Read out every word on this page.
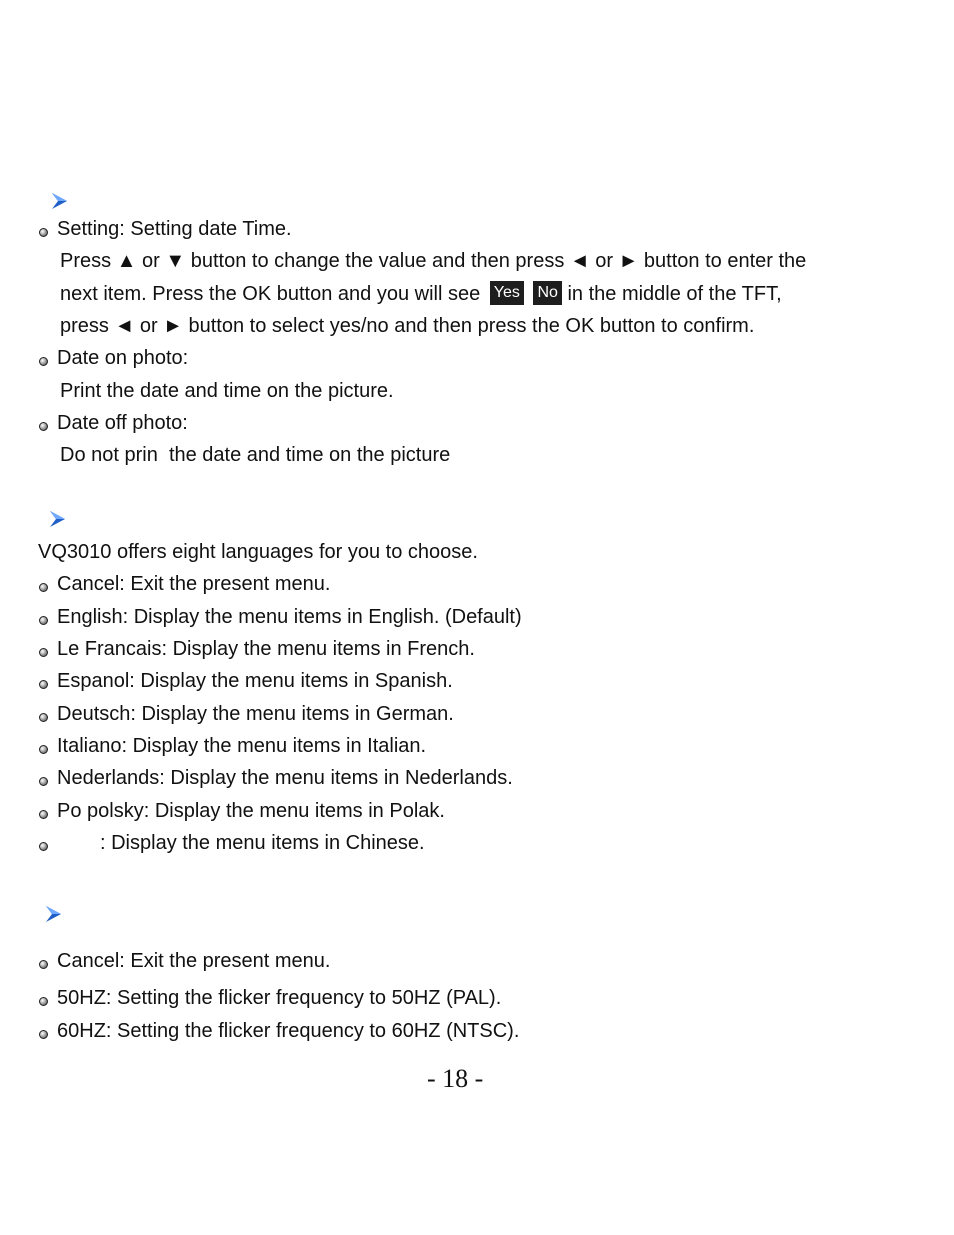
Setting: Setting date Time.
Press ▲ or ▼ button to change the value and then press ◄ or ► button to enter the
next item. Press the OK button and you will see Yes No in the middle of the TFT,
press ◄ or ► button to select yes/no and then press the OK button to confirm.
Date on photo:
Print the date and time on the picture.
Date off photo:
Do not prin  the date and time on the picture
VQ3010 offers eight languages for you to choose.
Cancel: Exit the present menu.
English: Display the menu items in English. (Default)
Le Francais: Display the menu items in French.
Espanol: Display the menu items in Spanish.
Deutsch: Display the menu items in German.
Italiano: Display the menu items in Italian.
Nederlands: Display the menu items in Nederlands.
Po polsky: Display the menu items in Polak.
: Display the menu items in Chinese.
Cancel: Exit the present menu.
50HZ: Setting the flicker frequency to 50HZ (PAL).
60HZ: Setting the flicker frequency to 60HZ (NTSC).
- 18 -
